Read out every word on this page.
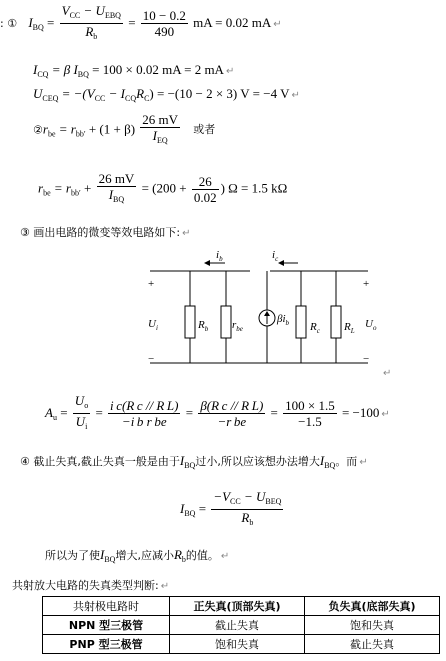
: ① $I_{BQ} = \frac{V_{CC} - U_{EBQ}}{R_b} = \frac{10 - 0.2}{490}$ mA = 0.02 mA ↵
$I_{CQ} = \beta$ $I_{BQ} = 100 \times 0.02$ mA = 2 mA ↵
$U_{CEQ} = -(V_{CC} - I_{CQ}R_C) = -(10 - 2 \times 3) V = -4$ V ↵
$②r_{be} = r_{bb'} + (1 + \beta) \frac{26 mV}{I_{EQ}}$ 或者
$r_{be} = r_{bb'} + \frac{26 mV}{I_{BQ}} = (200 + \frac{26}{0.02}$ ) Ω = 1.5 kΩ
③ 画出电路的微变等效电路如下: ↵
+
−
$U_i$	$R_b$ $r_{be}$
$i_b$
$\beta i_b$
$i_c$
$R_c$ $R_L$
+
−
$U_o$
↵
$A_u = \frac{U_o}{U_i} = \frac{\text{i c(R c // R L)}}{\text{−i b r be}} = \frac{\text{β(R c // R L)}}{\text{−r be}} = \frac{100 \times 1.5}{-1.5} = -100$ ↵
④ 截止失真,截止失真一般是由于$I_{BQ}$过小,所以应该想办法增大$I_{BQ}$。而 ↵
$I_{BQ} = \frac{-V_{CC} - U_{BEQ}}{R_b}$
所以为了使$I_{BQ}$增大,应减小$R_b$的值。 ↵
共射放大电路的失真类型判断: ↵
共射极电路时	正失真(顶部失真)	负失真(底部失真)
NPN 型三极管	截止失真	饱和失真
PNP 型三极管	饱和失真	截止失真
